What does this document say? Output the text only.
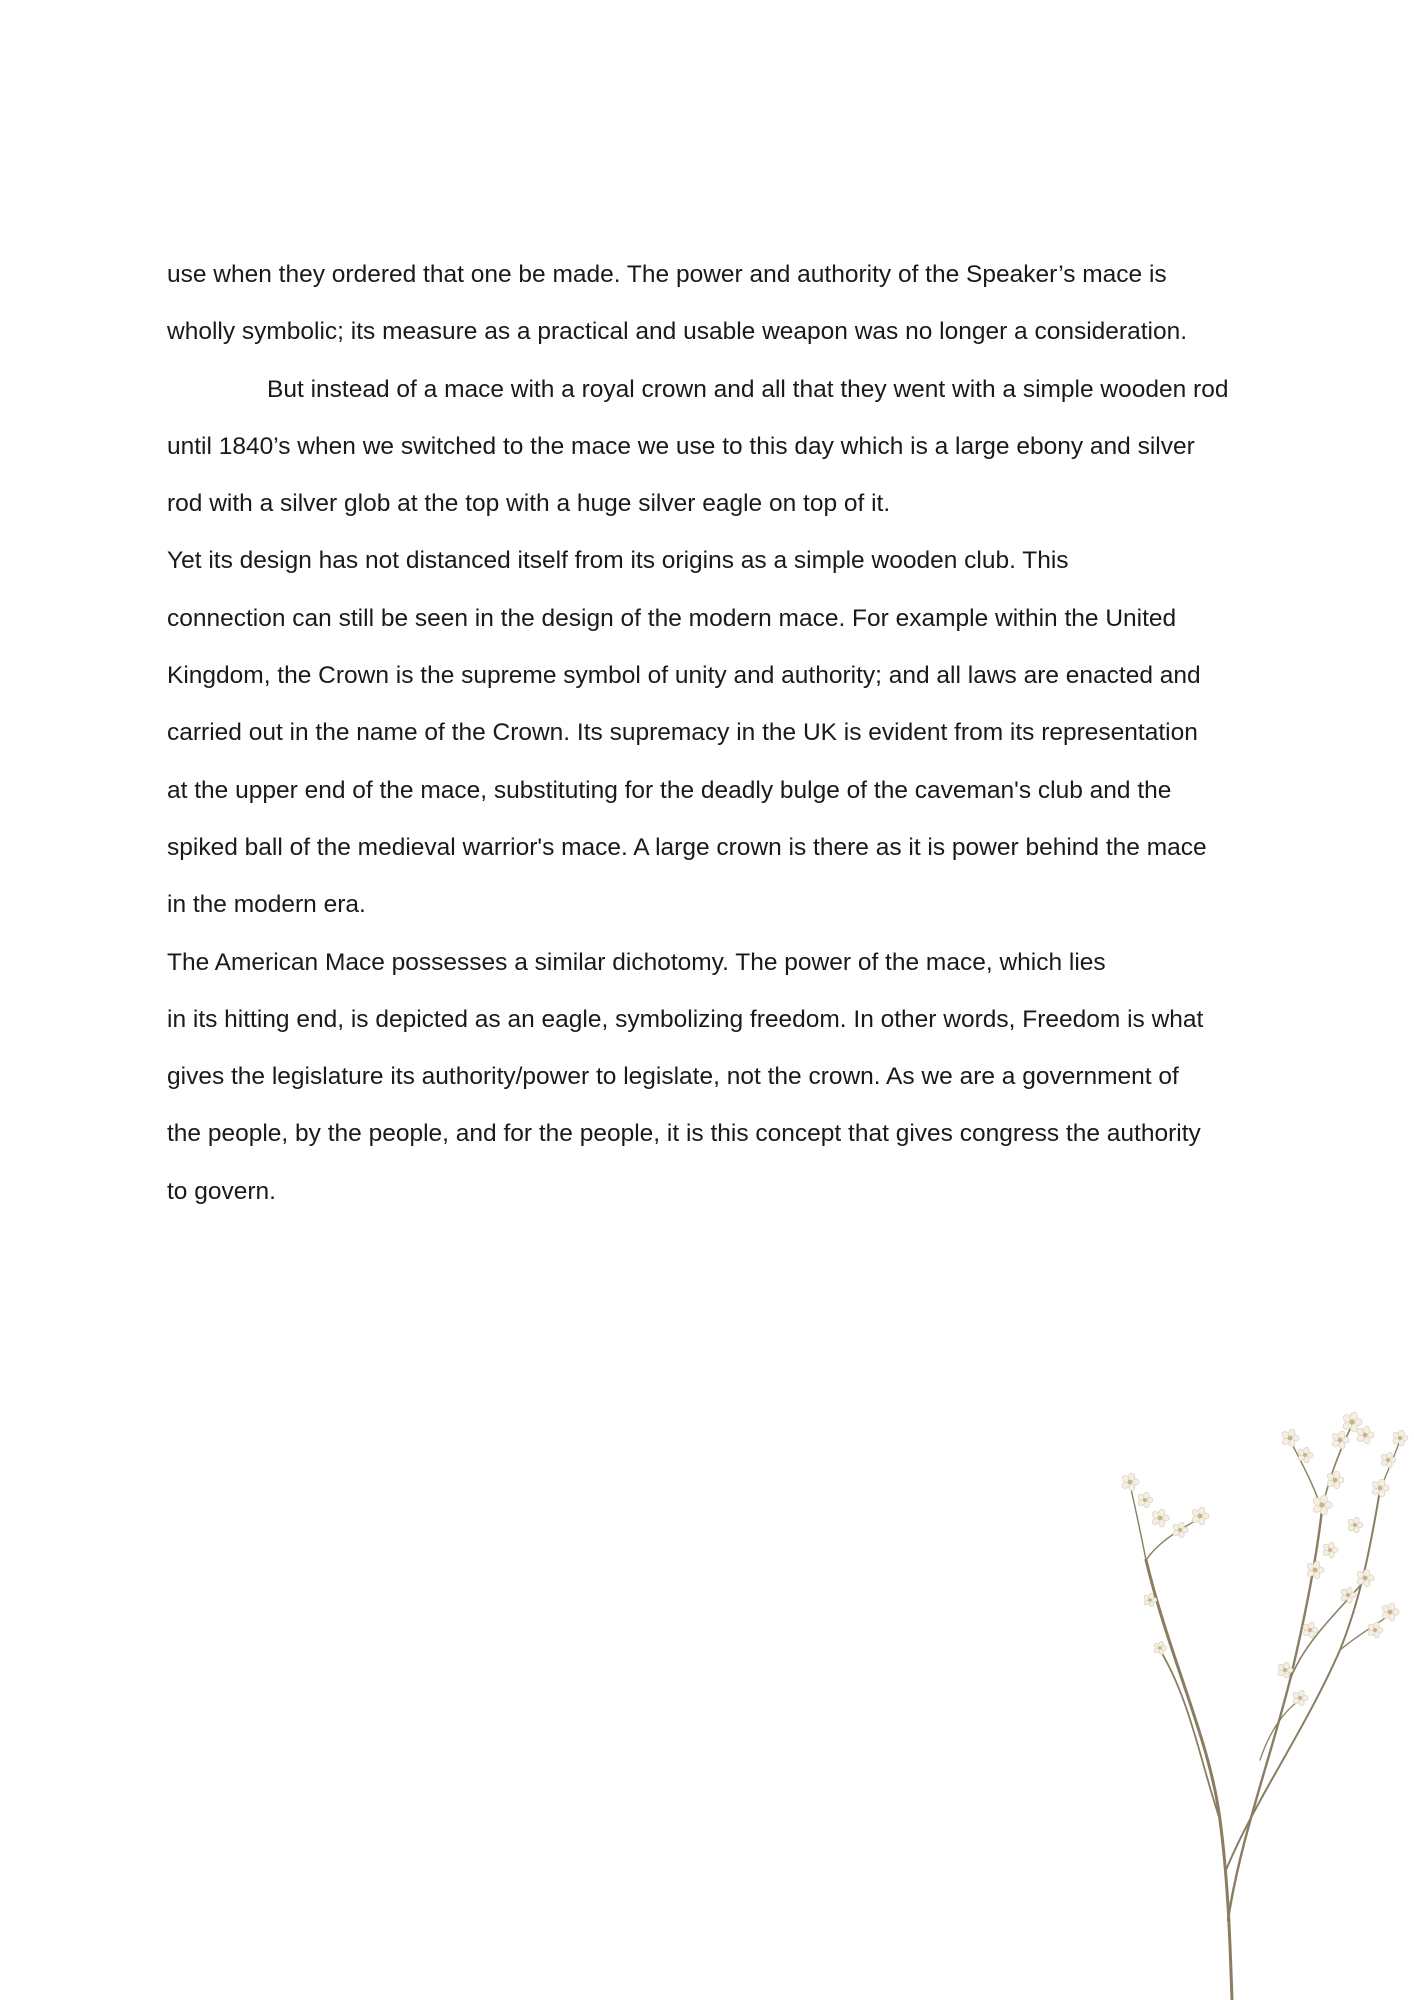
use when they ordered that one be made. The power and authority of the Speaker’s mace is
wholly symbolic; its measure as a practical and usable weapon was no longer a consideration.
But instead of a mace with a royal crown and all that they went with a simple wooden rod
until 1840’s when we switched to the mace we use to this day which is a large ebony and silver
rod with a silver glob at the top with a huge silver eagle on top of it.
Yet its design has not distanced itself from its origins as a simple wooden club. This
connection can still be seen in the design of the modern mace. For example within the United
Kingdom, the Crown is the supreme symbol of unity and authority; and all laws are enacted and
carried out in the name of the Crown. Its supremacy in the UK is evident from its representation
at the upper end of the mace, substituting for the deadly bulge of the caveman's club and the
spiked ball of the medieval warrior's mace. A large crown is there as it is power behind the mace
in the modern era.
The American Mace possesses a similar dichotomy. The power of the mace, which lies
in its hitting end, is depicted as an eagle, symbolizing freedom. In other words, Freedom is what
gives the legislature its authority/power to legislate, not the crown. As we are a government of
the people, by the people, and for the people, it is this concept that gives congress the authority
to govern.
